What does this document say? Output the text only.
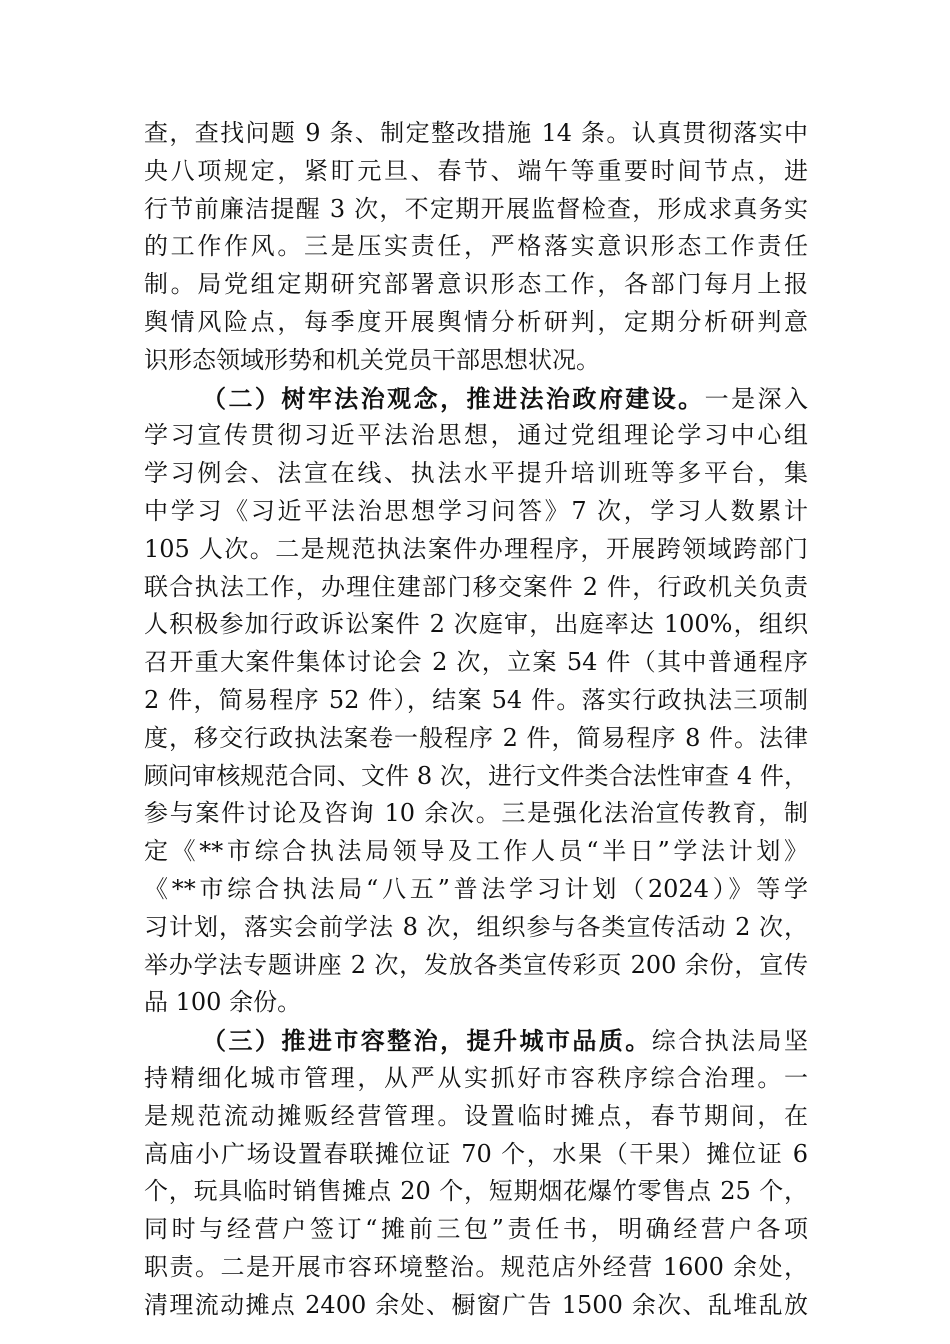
查，查找问题 9 条、制定整改措施 14 条。认真贯彻落实中
央八项规定，紧盯元旦、春节、端午等重要时间节点，进
行节前廉洁提醒 3 次，不定期开展监督检查，形成求真务实
的工作作风。三是压实责任，严格落实意识形态工作责任
制。局党组定期研究部署意识形态工作，各部门每月上报
舆情风险点，每季度开展舆情分析研判，定期分析研判意
识形态领域形势和机关党员干部思想状况。
（二）树牢法治观念，推进法治政府建设。一是深入
学习宣传贯彻习近平法治思想，通过党组理论学习中心组
学习例会、法宣在线、执法水平提升培训班等多平台，集
中学习《习近平法治思想学习问答》7 次，学习人数累计
105 人次。二是规范执法案件办理程序，开展跨领域跨部门
联合执法工作，办理住建部门移交案件 2 件，行政机关负责
人积极参加行政诉讼案件 2 次庭审，出庭率达 100%，组织
召开重大案件集体讨论会 2 次，立案 54 件（其中普通程序
2 件，简易程序 52 件），结案 54 件。落实行政执法三项制
度，移交行政执法案卷一般程序 2 件，简易程序 8 件。法律
顾问审核规范合同、文件 8 次，进行文件类合法性审查 4 件，
参与案件讨论及咨询 10 余次。三是强化法治宣传教育，制
定《**市综合执法局领导及工作人员“半日”学法计划》
《**市综合执法局“八五”普法学习计划（2024）》等学
习计划，落实会前学法 8 次，组织参与各类宣传活动 2 次，
举办学法专题讲座 2 次，发放各类宣传彩页 200 余份，宣传
品 100 余份。
（三）推进市容整治，提升城市品质。综合执法局坚
持精细化城市管理，从严从实抓好市容秩序综合治理。一
是规范流动摊贩经营管理。设置临时摊点，春节期间，在
高庙小广场设置春联摊位证 70 个，水果（干果）摊位证 6
个，玩具临时销售摊点 20 个，短期烟花爆竹零售点 25 个，
同时与经营户签订“摊前三包”责任书，明确经营户各项
职责。二是开展市容环境整治。规范店外经营 1600 余处，
清理流动摊点 2400 余处、橱窗广告 1500 余次、乱堆乱放
